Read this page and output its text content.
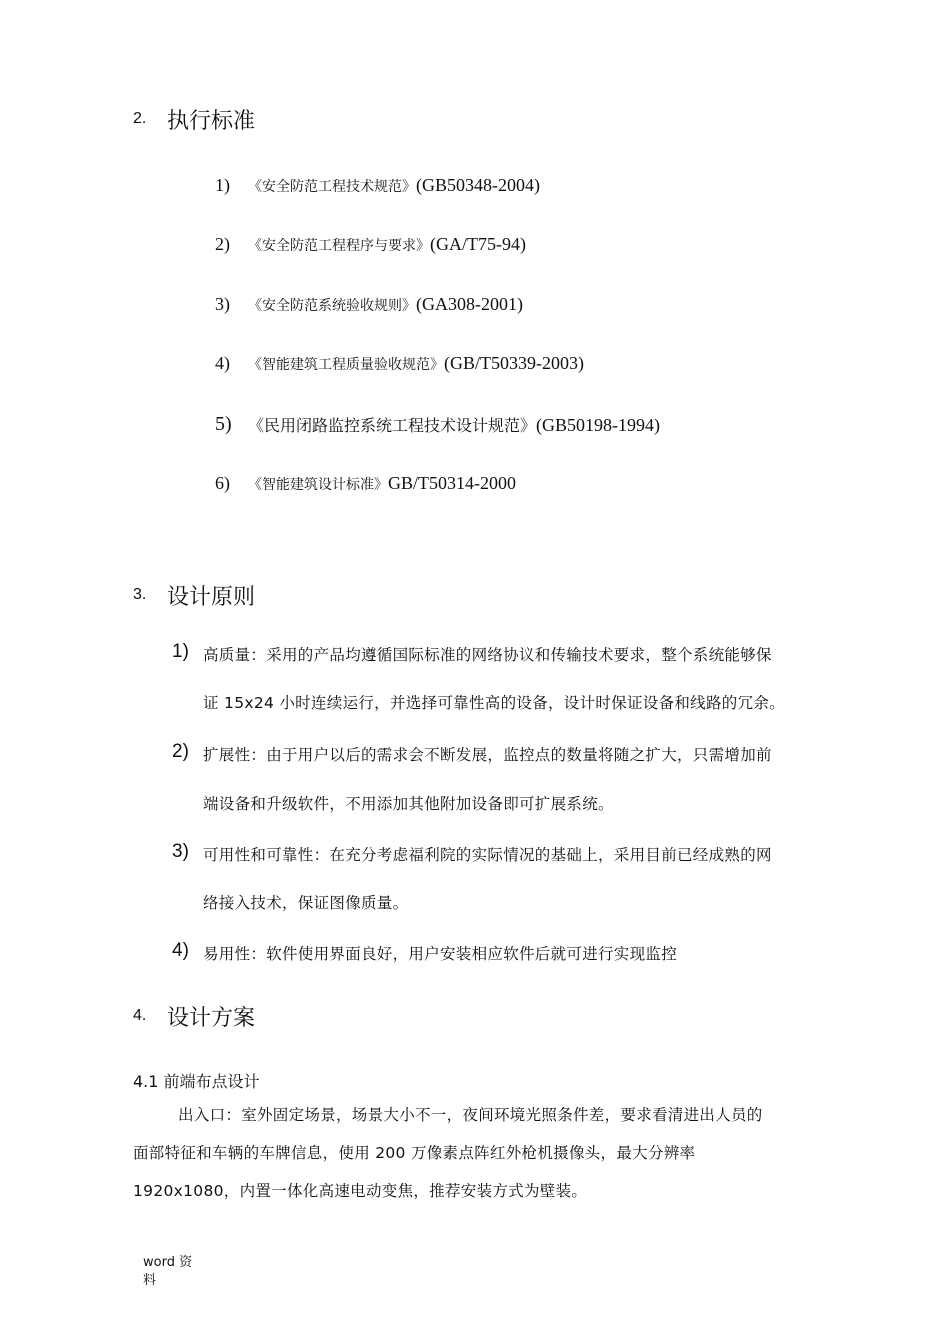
2. 执行标准
1) 《安全防范工程技术规范》(GB50348-2004)
2) 《安全防范工程程序与要求》(GA/T75-94)
3) 《安全防范系统验收规则》(GA308-2001)
4) 《智能建筑工程质量验收规范》(GB/T50339-2003)
5) 《民用闭路监控系统工程技术设计规范》(GB50198-1994)
6) 《智能建筑设计标准》GB/T50314-2000
3. 设计原则
1) 高质量：采用的产品均遵循国际标准的网络协议和传输技术要求，整个系统能够保
证 15x24 小时连续运行，并选择可靠性高的设备，设计时保证设备和线路的冗余。
2) 扩展性：由于用户以后的需求会不断发展，监控点的数量将随之扩大，只需增加前
端设备和升级软件，不用添加其他附加设备即可扩展系统。
3) 可用性和可靠性：在充分考虑福利院的实际情况的基础上，采用目前已经成熟的网
络接入技术，保证图像质量。
4) 易用性：软件使用界面良好，用户安装相应软件后就可进行实现监控
4. 设计方案
4.1 前端布点设计
出入口：室外固定场景，场景大小不一，夜间环境光照条件差，要求看清进出人员的
面部特征和车辆的车牌信息，使用 200 万像素点阵红外枪机摄像头，最大分辨率
1920x1080，内置一体化高速电动变焦，推荐安装方式为壁装。
word 资料
